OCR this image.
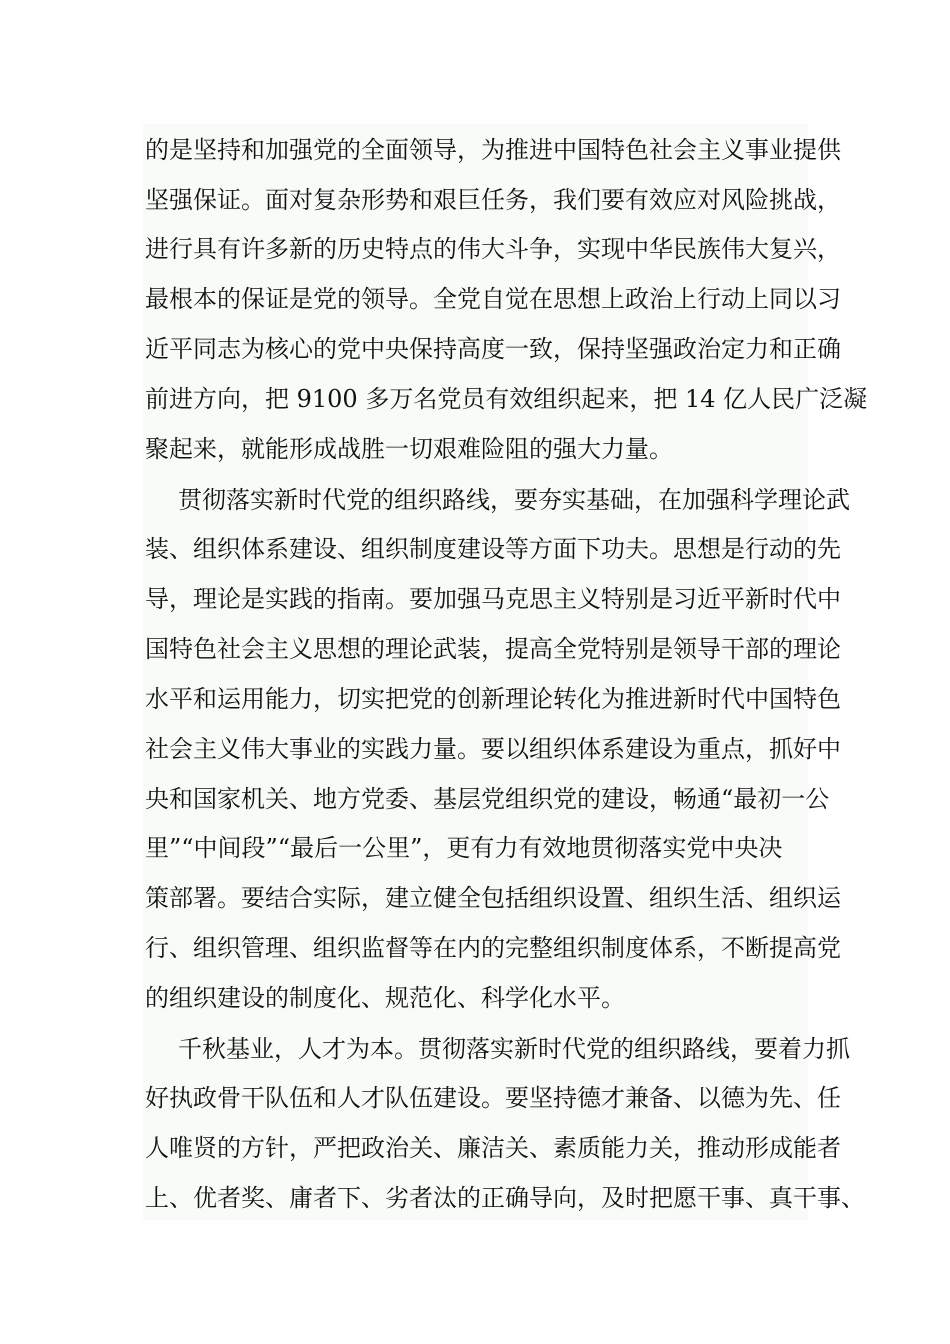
的是坚持和加强党的全面领导，为推进中国特色社会主义事业提供
坚强保证。面对复杂形势和艰巨任务，我们要有效应对风险挑战，
进行具有许多新的历史特点的伟大斗争，实现中华民族伟大复兴，
最根本的保证是党的领导。全党自觉在思想上政治上行动上同以习
近平同志为核心的党中央保持高度一致，保持坚强政治定力和正确
前进方向，把 9100 多万名党员有效组织起来，把 14 亿人民广泛凝
聚起来，就能形成战胜一切艰难险阻的强大力量。
贯彻落实新时代党的组织路线，要夯实基础，在加强科学理论武
装、组织体系建设、组织制度建设等方面下功夫。思想是行动的先
导，理论是实践的指南。要加强马克思主义特别是习近平新时代中
国特色社会主义思想的理论武装，提高全党特别是领导干部的理论
水平和运用能力，切实把党的创新理论转化为推进新时代中国特色
社会主义伟大事业的实践力量。要以组织体系建设为重点，抓好中
央和国家机关、地方党委、基层党组织党的建设，畅通“最初一公
里”“中间段”“最后一公里”，更有力有效地贯彻落实党中央决
策部署。要结合实际，建立健全包括组织设置、组织生活、组织运
行、组织管理、组织监督等在内的完整组织制度体系，不断提高党
的组织建设的制度化、规范化、科学化水平。
千秋基业，人才为本。贯彻落实新时代党的组织路线，要着力抓
好执政骨干队伍和人才队伍建设。要坚持德才兼备、以德为先、任
人唯贤的方针，严把政治关、廉洁关、素质能力关，推动形成能者
上、优者奖、庸者下、劣者汰的正确导向，及时把愿干事、真干事、
